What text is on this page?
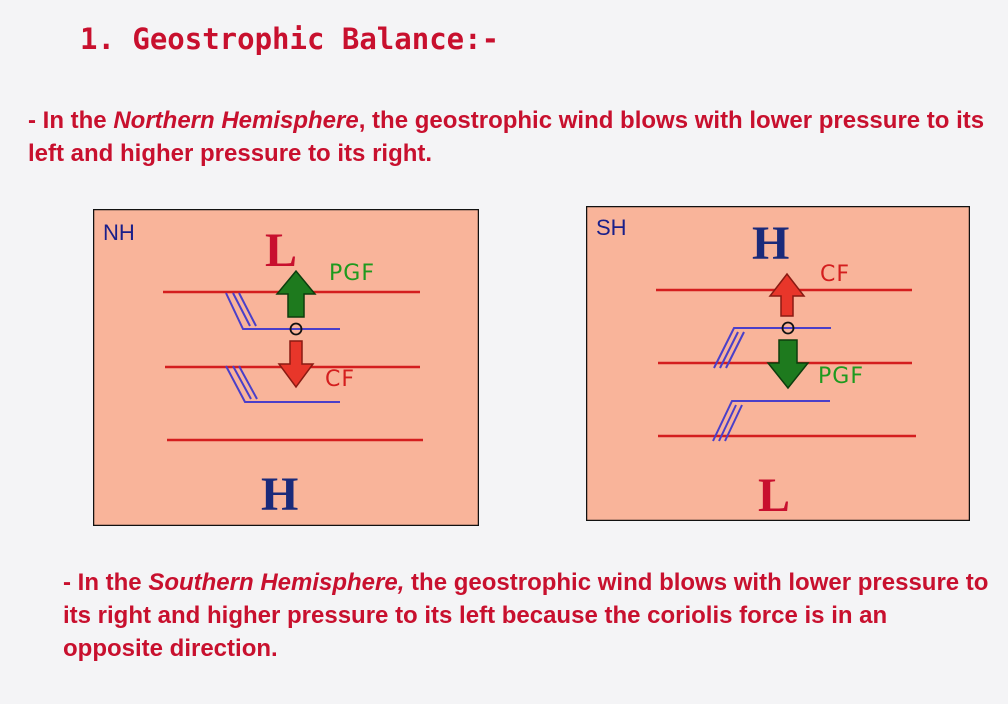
1. Geostrophic Balance:-
- In the Northern Hemisphere, the geostrophic wind blows with lower pressure to its left and higher pressure to its right.
NH	L
H
PGF
CF
SH	H
L
CF
PGF
- In the Southern Hemisphere, the geostrophic wind blows with lower pressure to its right and higher pressure to its left because the coriolis force is in an opposite direction.
